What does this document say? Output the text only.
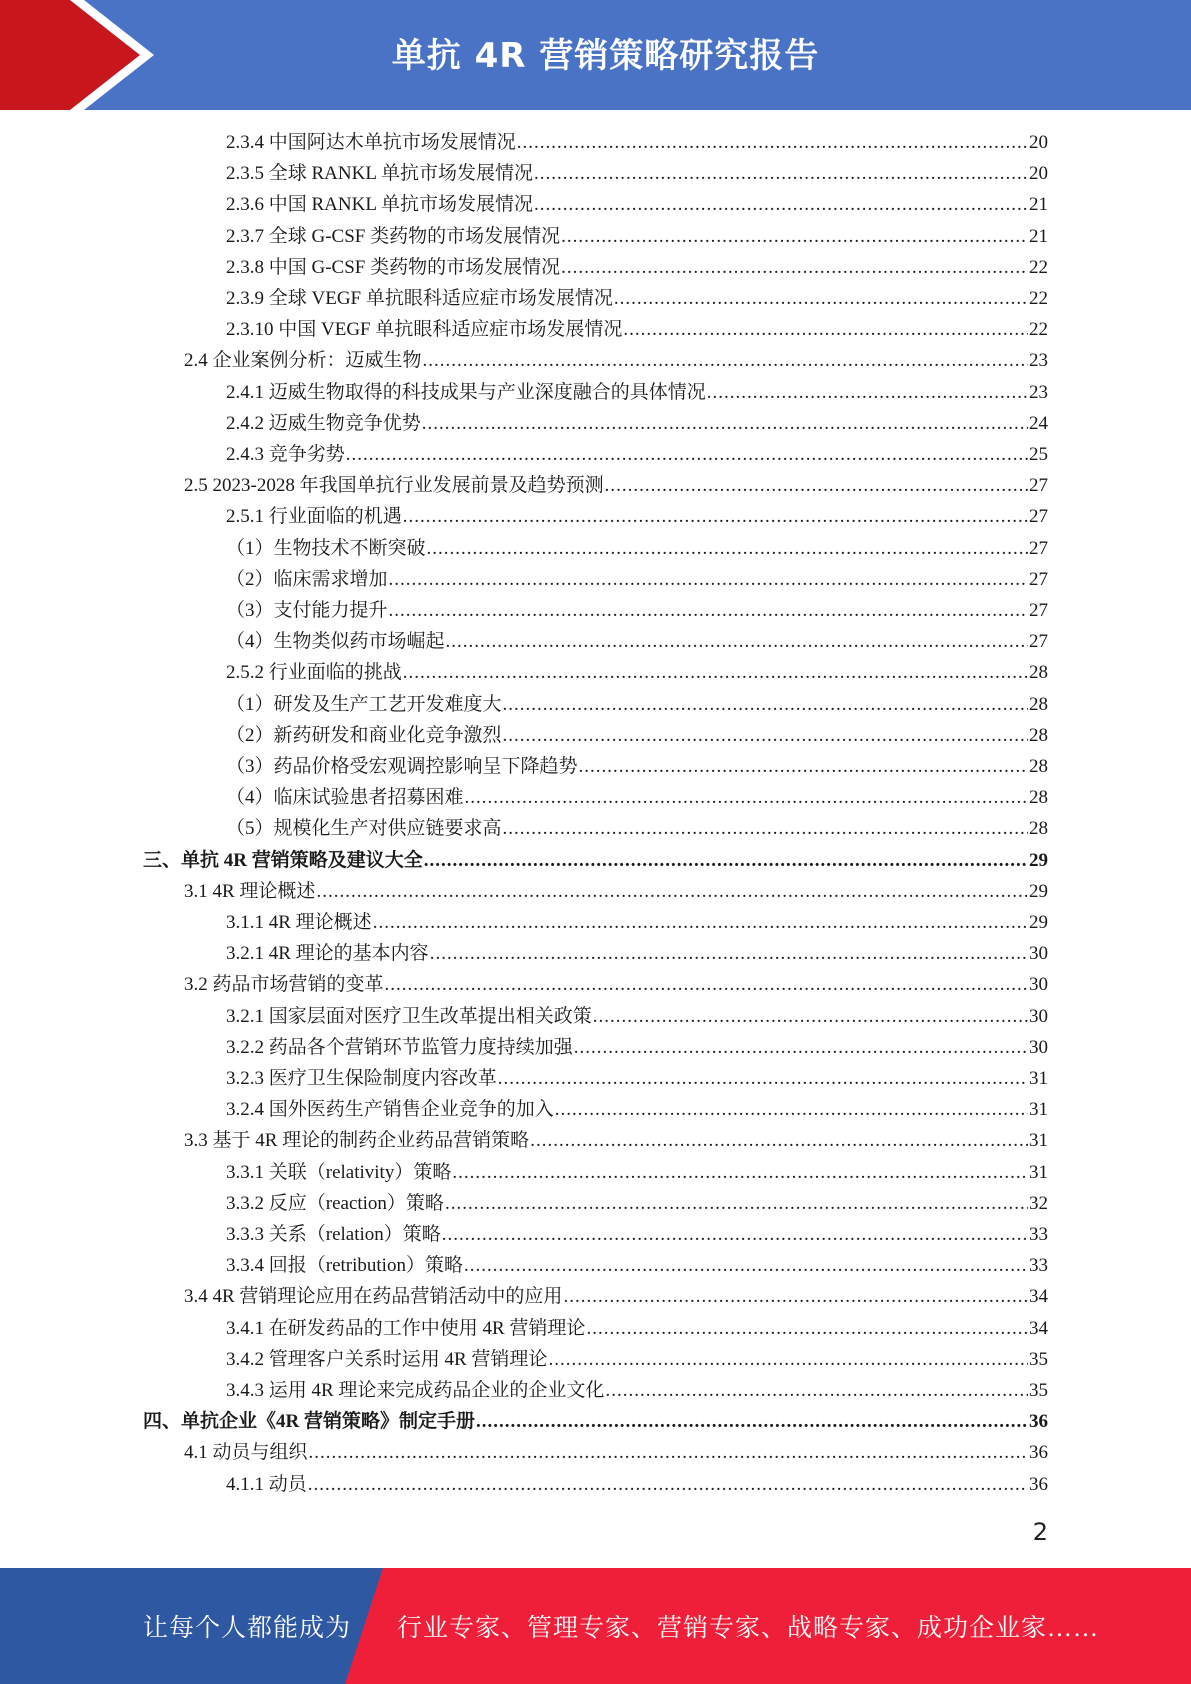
单抗 4R 营销策略研究报告
2.3.4 中国阿达木单抗市场发展情况 .....	20
2.3.5 全球 RANKL 单抗市场发展情况 .....	20
2.3.6 中国 RANKL 单抗市场发展情况 .....	21
2.3.7 全球 G-CSF 类药物的市场发展情况 .....	21
2.3.8 中国 G-CSF 类药物的市场发展情况 .....	22
2.3.9 全球 VEGF 单抗眼科适应症市场发展情况 .....	22
2.3.10 中国 VEGF 单抗眼科适应症市场发展情况 .....	22
2.4 企业案例分析：迈威生物 .....	23
2.4.1 迈威生物取得的科技成果与产业深度融合的具体情况 .....	23
2.4.2 迈威生物竞争优势 .....	24
2.4.3 竞争劣势 .....	25
2.5 2023-2028 年我国单抗行业发展前景及趋势预测 .....	27
2.5.1 行业面临的机遇 .....	27
（1）生物技术不断突破 .....	27
（2）临床需求增加 .....	27
（3）支付能力提升 .....	27
（4）生物类似药市场崛起 .....	27
2.5.2 行业面临的挑战 .....	28
（1）研发及生产工艺开发难度大 .....	28
（2）新药研发和商业化竞争激烈 .....	28
（3）药品价格受宏观调控影响呈下降趋势 .....	28
（4）临床试验患者招募困难 .....	28
（5）规模化生产对供应链要求高 .....	28
三、单抗 4R 营销策略及建议大全 .....	29
3.1 4R 理论概述 .....	29
3.1.1 4R 理论概述 .....	29
3.2.1 4R 理论的基本内容 .....	30
3.2 药品市场营销的变革 .....	30
3.2.1 国家层面对医疗卫生改革提出相关政策 .....	30
3.2.2 药品各个营销环节监管力度持续加强 .....	30
3.2.3 医疗卫生保险制度内容改革 .....	31
3.2.4 国外医药生产销售企业竞争的加入 .....	31
3.3 基于 4R 理论的制药企业药品营销策略 .....	31
3.3.1 关联（relativity）策略 .....	31
3.3.2 反应（reaction）策略 .....	32
3.3.3 关系（relation）策略 .....	33
3.3.4 回报（retribution）策略 .....	33
3.4 4R 营销理论应用在药品营销活动中的应用 .....	34
3.4.1 在研发药品的工作中使用 4R 营销理论 .....	34
3.4.2 管理客户关系时运用 4R 营销理论 .....	35
3.4.3 运用 4R 理论来完成药品企业的企业文化 .....	35
四、单抗企业《4R 营销策略》制定手册 .....	36
4.1 动员与组织 .....	36
4.1.1 动员 .....	36
2
让每个人都能成为 行业专家、管理专家、营销专家、战略专家、成功企业家……
